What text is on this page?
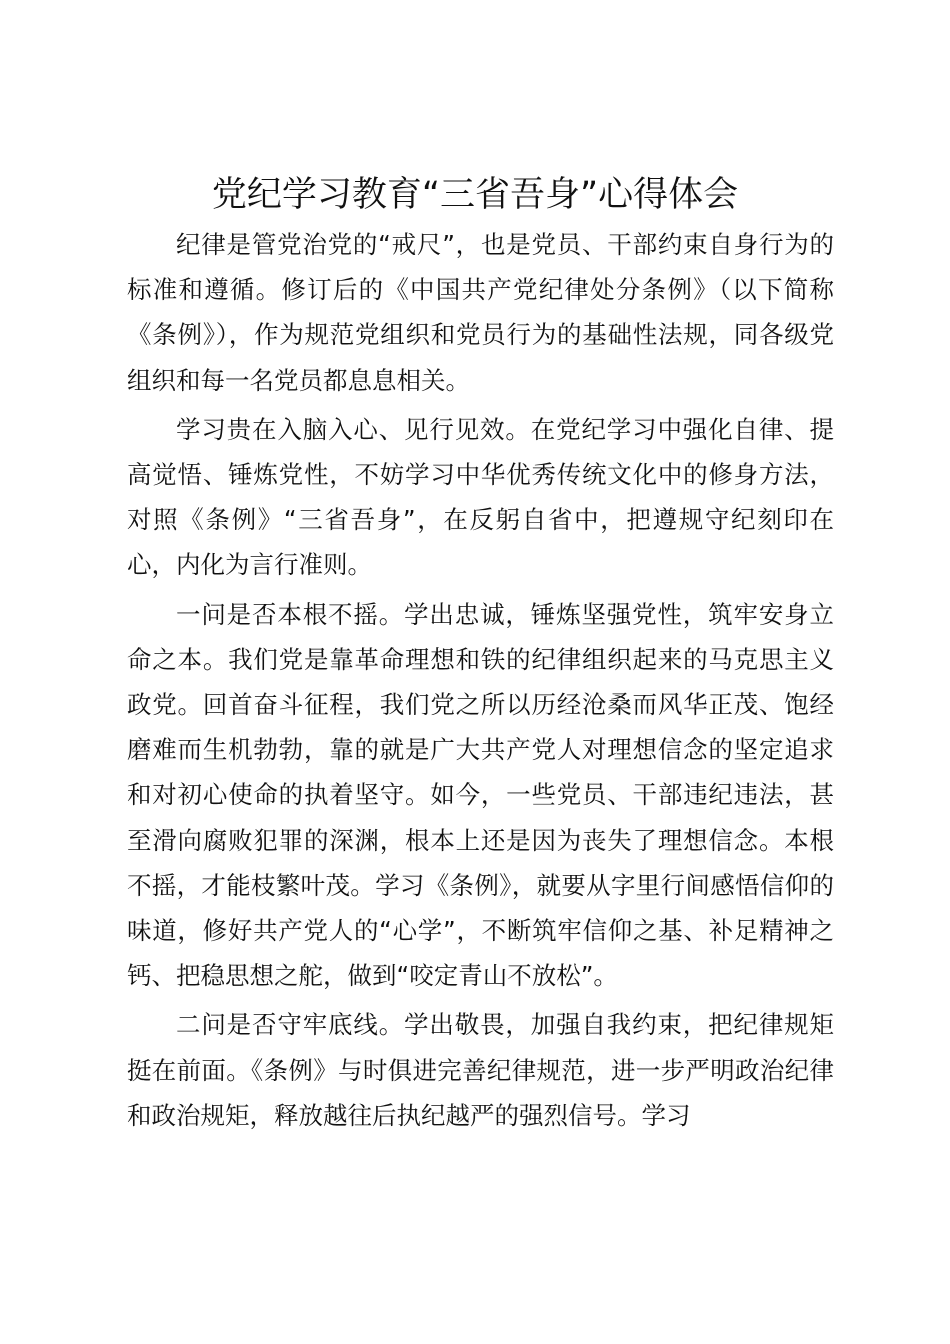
党纪学习教育“三省吾身”心得体会

纪律是管党治党的“戒尺”，也是党员、干部约束自身行为的标准和遵循。修订后的《中国共产党纪律处分条例》（以下简称《条例》），作为规范党组织和党员行为的基础性法规，同各级党组织和每一名党员都息息相关。

学习贵在入脑入心、见行见效。在党纪学习中强化自律、提高觉悟、锤炼党性，不妨学习中华优秀传统文化中的修身方法，对照《条例》“三省吾身”，在反躬自省中，把遵规守纪刻印在心，内化为言行准则。

一问是否本根不摇。学出忠诚，锤炼坚强党性，筑牢安身立命之本。我们党是靠革命理想和铁的纪律组织起来的马克思主义政党。回首奋斗征程，我们党之所以历经沧桑而风华正茂、饱经磨难而生机勃勃，靠的就是广大共产党人对理想信念的坚定追求和对初心使命的执着坚守。如今，一些党员、干部违纪违法，甚至滑向腐败犯罪的深渊，根本上还是因为丧失了理想信念。本根不摇，才能枝繁叶茂。学习《条例》，就要从字里行间感悟信仰的味道，修好共产党人的“心学”，不断筑牢信仰之基、补足精神之钙、把稳思想之舵，做到“咬定青山不放松”。

二问是否守牢底线。学出敬畏，加强自我约束，把纪律规矩挺在前面。《条例》与时俱进完善纪律规范，进一步严明政治纪律和政治规矩，释放越往后执纪越严的强烈信号。学习
